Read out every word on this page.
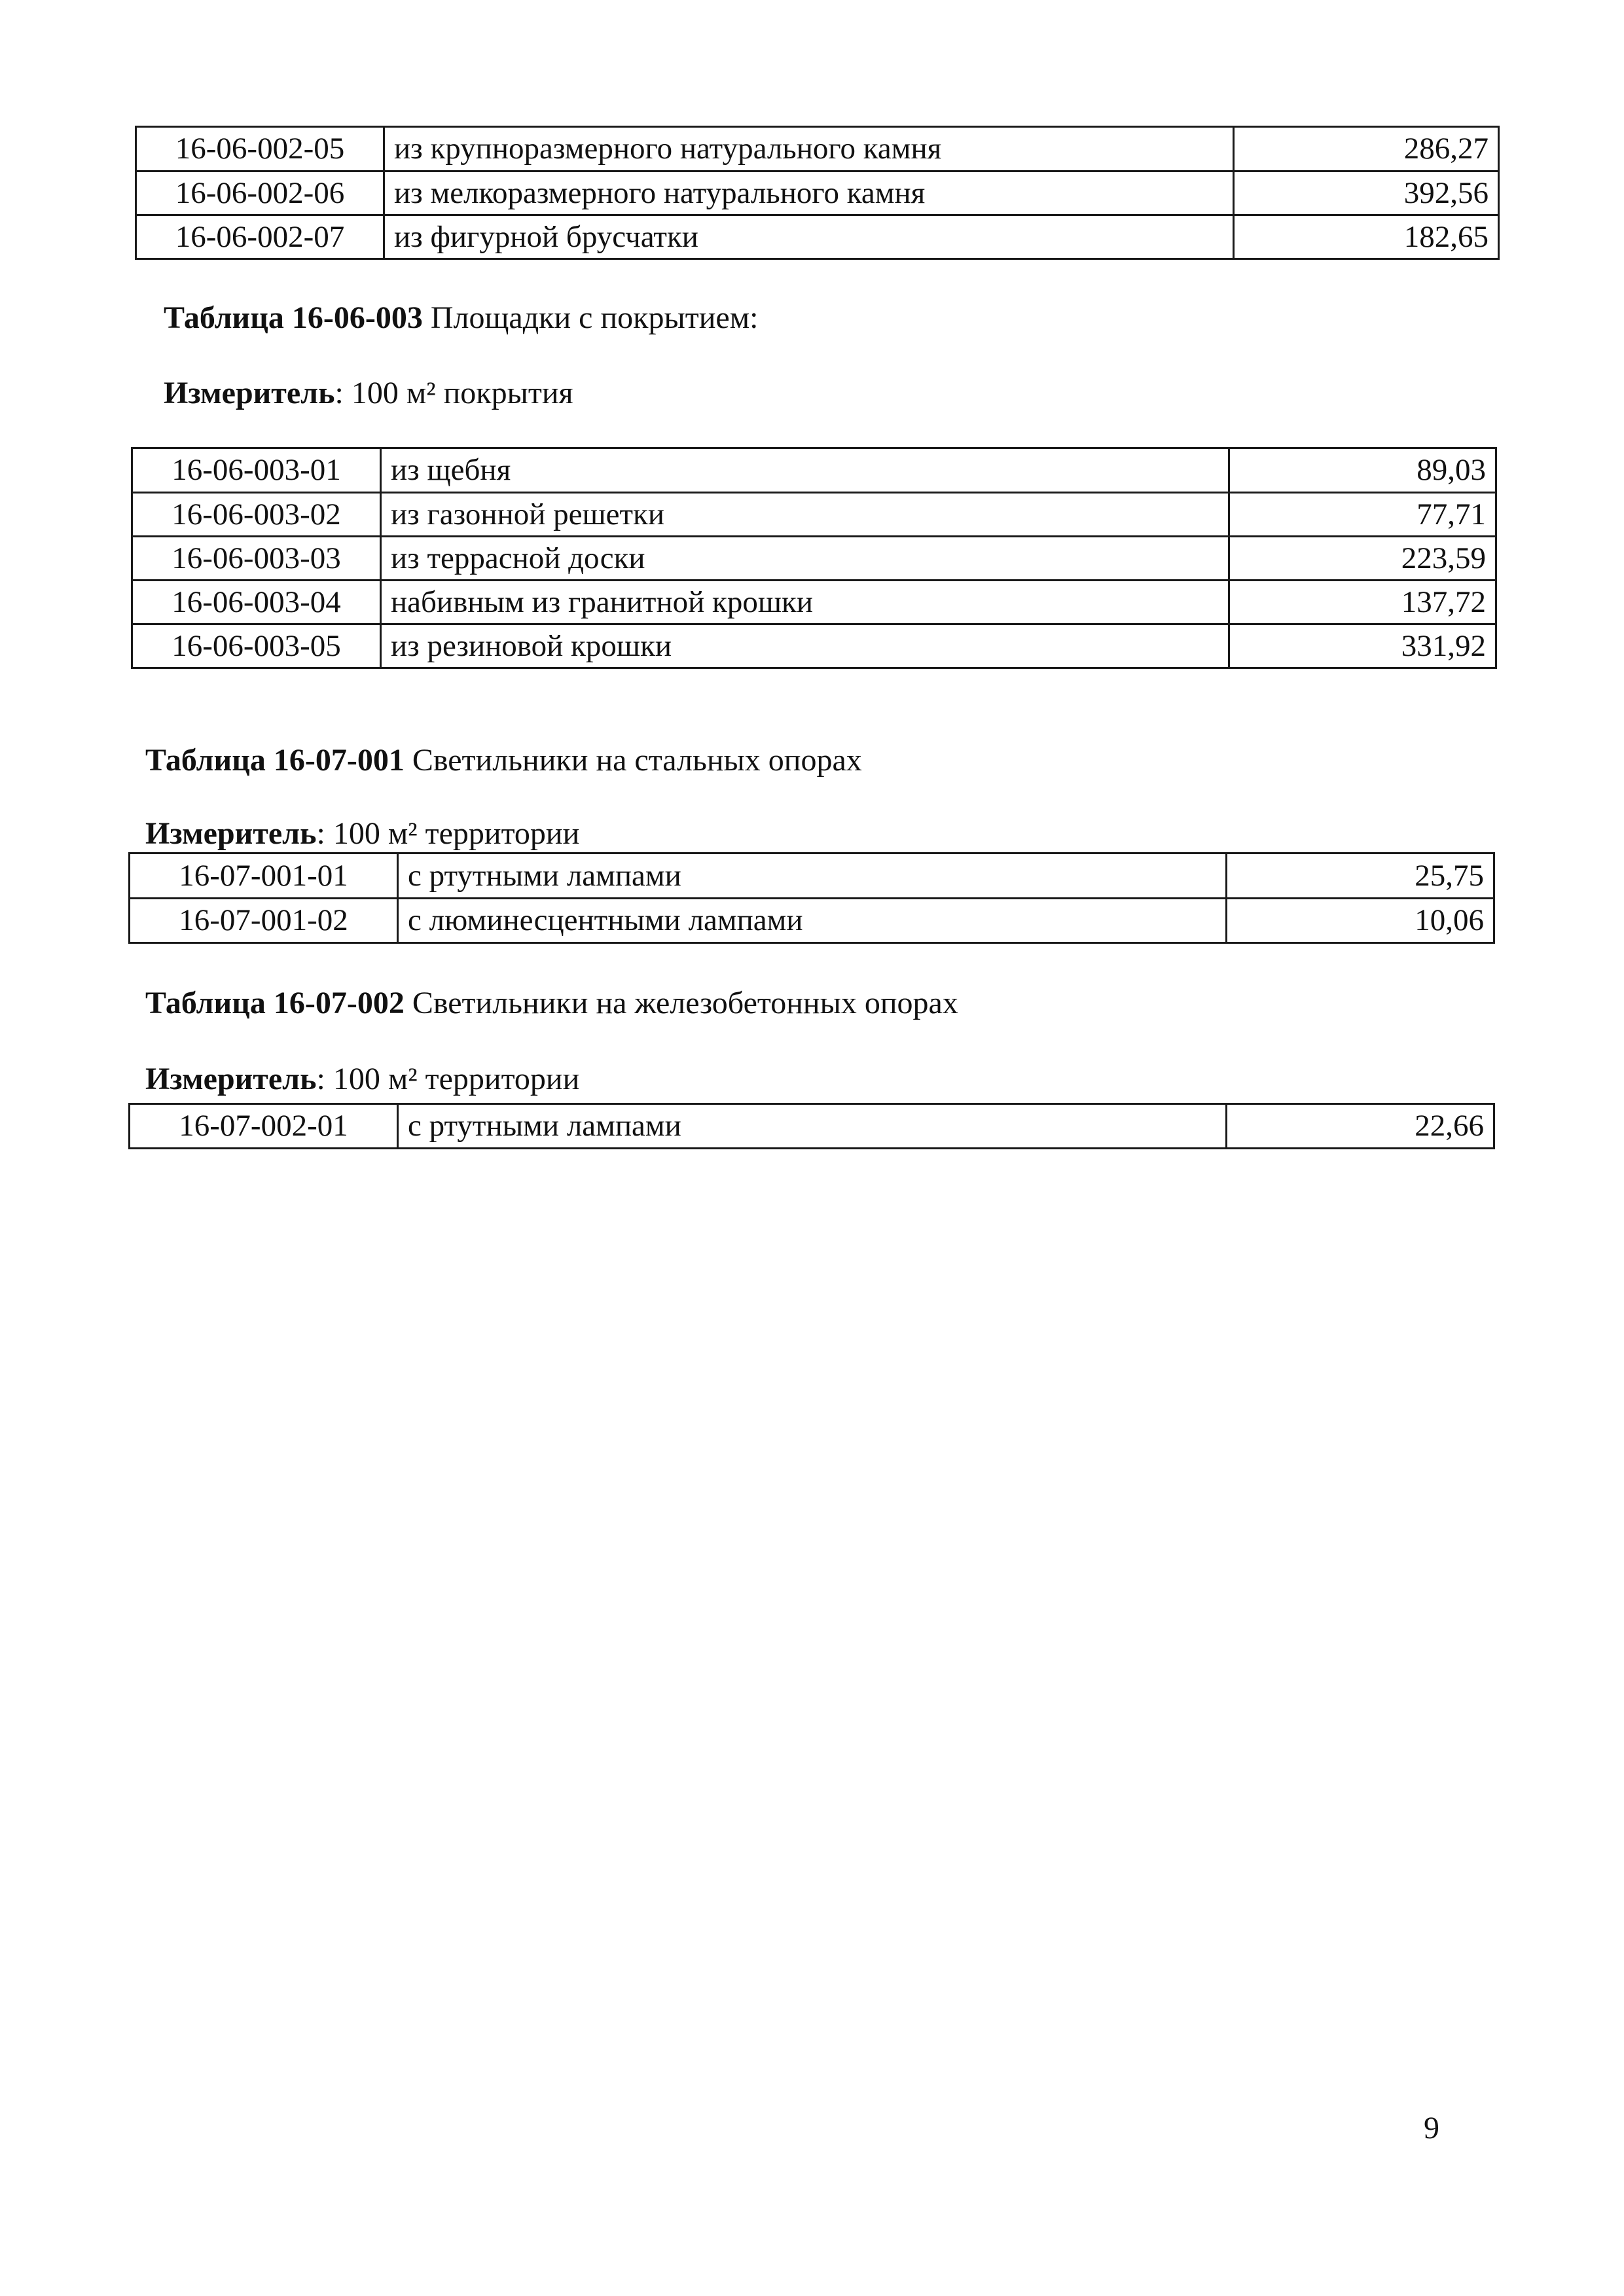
16-06-002-05	из крупноразмерного натурального камня	286,27
16-06-002-06	из мелкоразмерного натурального камня	392,56
16-06-002-07	из фигурной брусчатки	182,65
Таблица 16-06-003 Площадки с покрытием:
Измеритель: 100 м² покрытия
16-06-003-01	из щебня	89,03
16-06-003-02	из газонной решетки	77,71
16-06-003-03	из террасной доски	223,59
16-06-003-04	набивным из гранитной крошки	137,72
16-06-003-05	из резиновой крошки	331,92
Таблица 16-07-001 Светильники на стальных опорах
Измеритель: 100 м² территории
16-07-001-01	с ртутными лампами	25,75
16-07-001-02	с люминесцентными лампами	10,06
Таблица 16-07-002 Светильники на железобетонных опорах
Измеритель: 100 м² территории
16-07-002-01	с ртутными лампами	22,66
9
